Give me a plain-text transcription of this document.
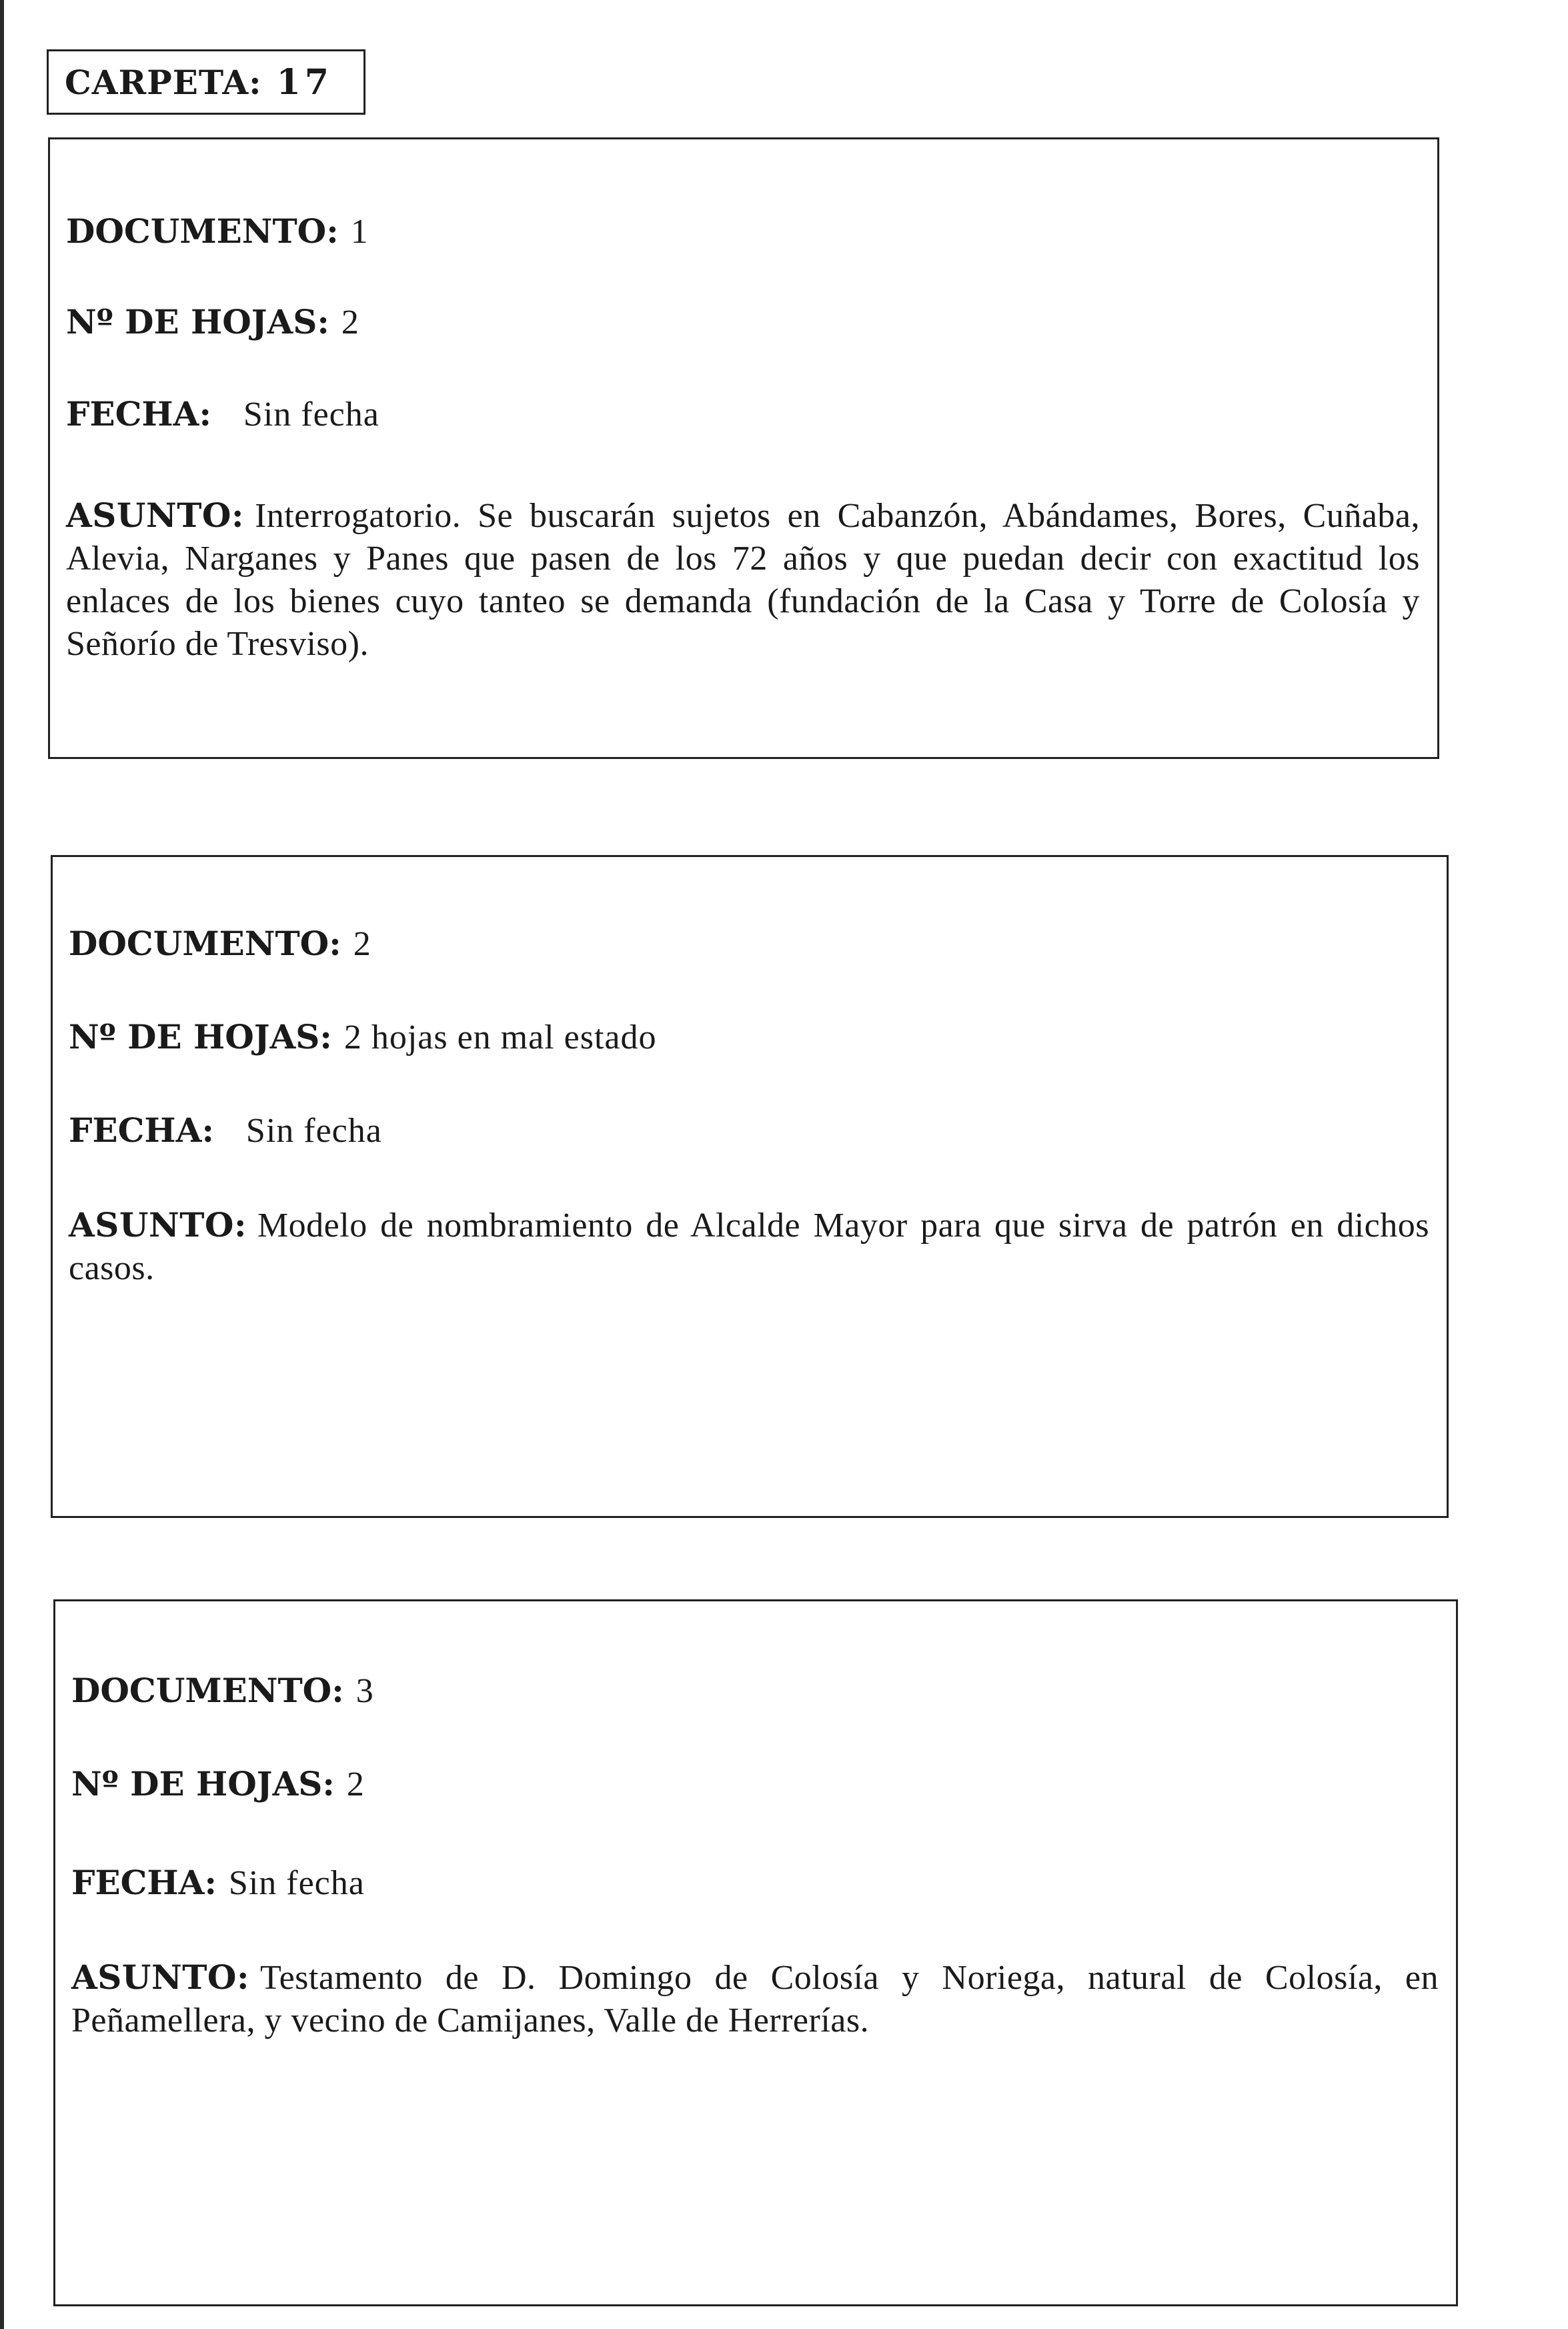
CARPETA: 17
DOCUMENTO: 1
Nº DE HOJAS: 2
FECHA: Sin fecha
ASUNTO: Interrogatorio. Se buscarán sujetos en Cabanzón, Abándames, Bores, Cuñaba, Alevia, Narganes y Panes que pasen de los 72 años y que puedan decir con exactitud los enlaces de los bienes cuyo tanteo se demanda (fundación de la Casa y Torre de Colosía y Señorío de Tresviso).
DOCUMENTO: 2
Nº DE HOJAS: 2 hojas en mal estado
FECHA: Sin fecha
ASUNTO: Modelo de nombramiento de Alcalde Mayor para que sirva de patrón en dichos casos.
DOCUMENTO: 3
Nº DE HOJAS: 2
FECHA: Sin fecha
ASUNTO: Testamento de D. Domingo de Colosía y Noriega, natural de Colosía, en Peñamellera, y vecino de Camijanes, Valle de Herrerías.
